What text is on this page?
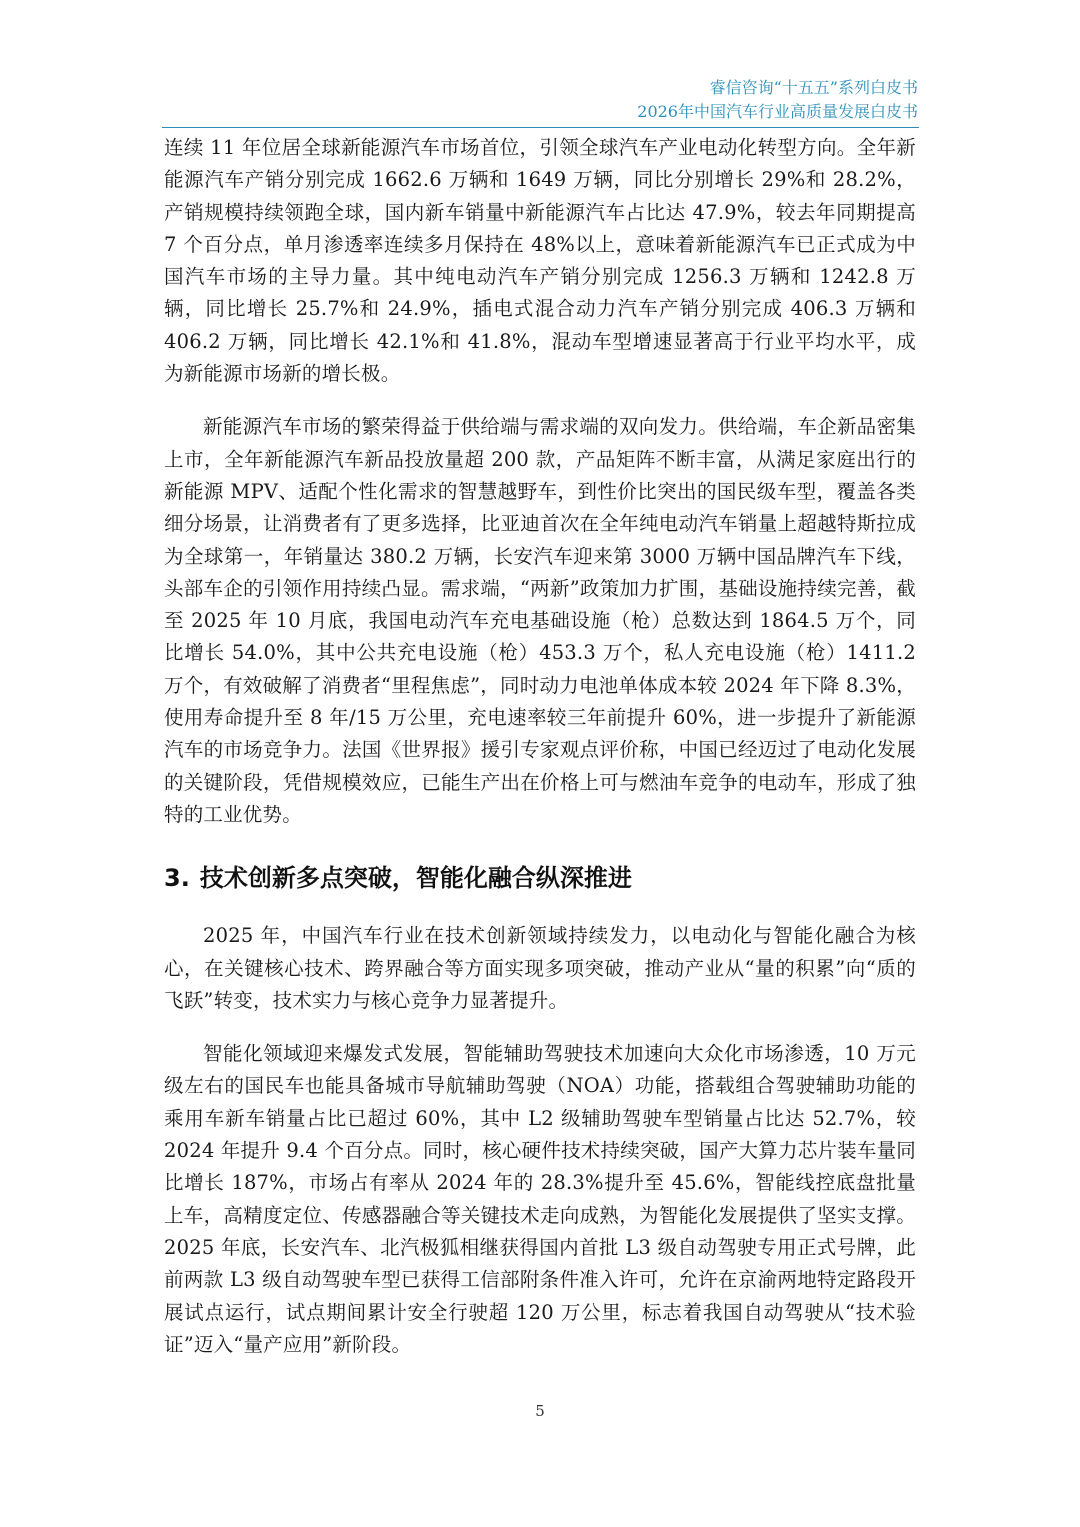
睿信咨询“十五五”系列白皮书
2026年中国汽车行业高质量发展白皮书

连续 11 年位居全球新能源汽车市场首位，引领全球汽车产业电动化转型方向。全年新能源汽车产销分别完成 1662.6 万辆和 1649 万辆，同比分别增长 29%和 28.2%，产销规模持续领跑全球，国内新车销量中新能源汽车占比达 47.9%，较去年同期提高 7 个百分点，单月渗透率连续多月保持在 48%以上，意味着新能源汽车已正式成为中国汽车市场的主导力量。其中纯电动汽车产销分别完成 1256.3 万辆和 1242.8 万辆，同比增长 25.7%和 24.9%，插电式混合动力汽车产销分别完成 406.3 万辆和 406.2 万辆，同比增长 42.1%和 41.8%，混动车型增速显著高于行业平均水平，成为新能源市场新的增长极。

新能源汽车市场的繁荣得益于供给端与需求端的双向发力。供给端，车企新品密集上市，全年新能源汽车新品投放量超 200 款，产品矩阵不断丰富，从满足家庭出行的新能源 MPV、适配个性化需求的智慧越野车，到性价比突出的国民级车型，覆盖各类细分场景，让消费者有了更多选择，比亚迪首次在全年纯电动汽车销量上超越特斯拉成为全球第一，年销量达 380.2 万辆，长安汽车迎来第 3000 万辆中国品牌汽车下线，头部车企的引领作用持续凸显。需求端，“两新”政策加力扩围，基础设施持续完善，截至 2025 年 10 月底，我国电动汽车充电基础设施（枪）总数达到 1864.5 万个，同比增长 54.0%，其中公共充电设施（枪）453.3 万个，私人充电设施（枪）1411.2 万个，有效破解了消费者“里程焦虑”，同时动力电池单体成本较 2024 年下降 8.3%，使用寿命提升至 8 年/15 万公里，充电速率较三年前提升 60%，进一步提升了新能源汽车的市场竞争力。法国《世界报》援引专家观点评价称，中国已经迈过了电动化发展的关键阶段，凭借规模效应，已能生产出在价格上可与燃油车竞争的电动车，形成了独特的工业优势。

3. 技术创新多点突破，智能化融合纵深推进

2025 年，中国汽车行业在技术创新领域持续发力，以电动化与智能化融合为核心，在关键核心技术、跨界融合等方面实现多项突破，推动产业从“量的积累”向“质的飞跃”转变，技术实力与核心竞争力显著提升。

智能化领域迎来爆发式发展，智能辅助驾驶技术加速向大众化市场渗透，10 万元级左右的国民车也能具备城市导航辅助驾驶（NOA）功能，搭载组合驾驶辅助功能的乘用车新车销量占比已超过 60%，其中 L2 级辅助驾驶车型销量占比达 52.7%，较 2024 年提升 9.4 个百分点。同时，核心硬件技术持续突破，国产大算力芯片装车量同比增长 187%，市场占有率从 2024 年的 28.3%提升至 45.6%，智能线控底盘批量上车，高精度定位、传感器融合等关键技术走向成熟，为智能化发展提供了坚实支撑。2025 年底，长安汽车、北汽极狐相继获得国内首批 L3 级自动驾驶专用正式号牌，此前两款 L3 级自动驾驶车型已获得工信部附条件准入许可，允许在京渝两地特定路段开展试点运行，试点期间累计安全行驶超 120 万公里，标志着我国自动驾驶从“技术验证”迈入“量产应用”新阶段。

5
